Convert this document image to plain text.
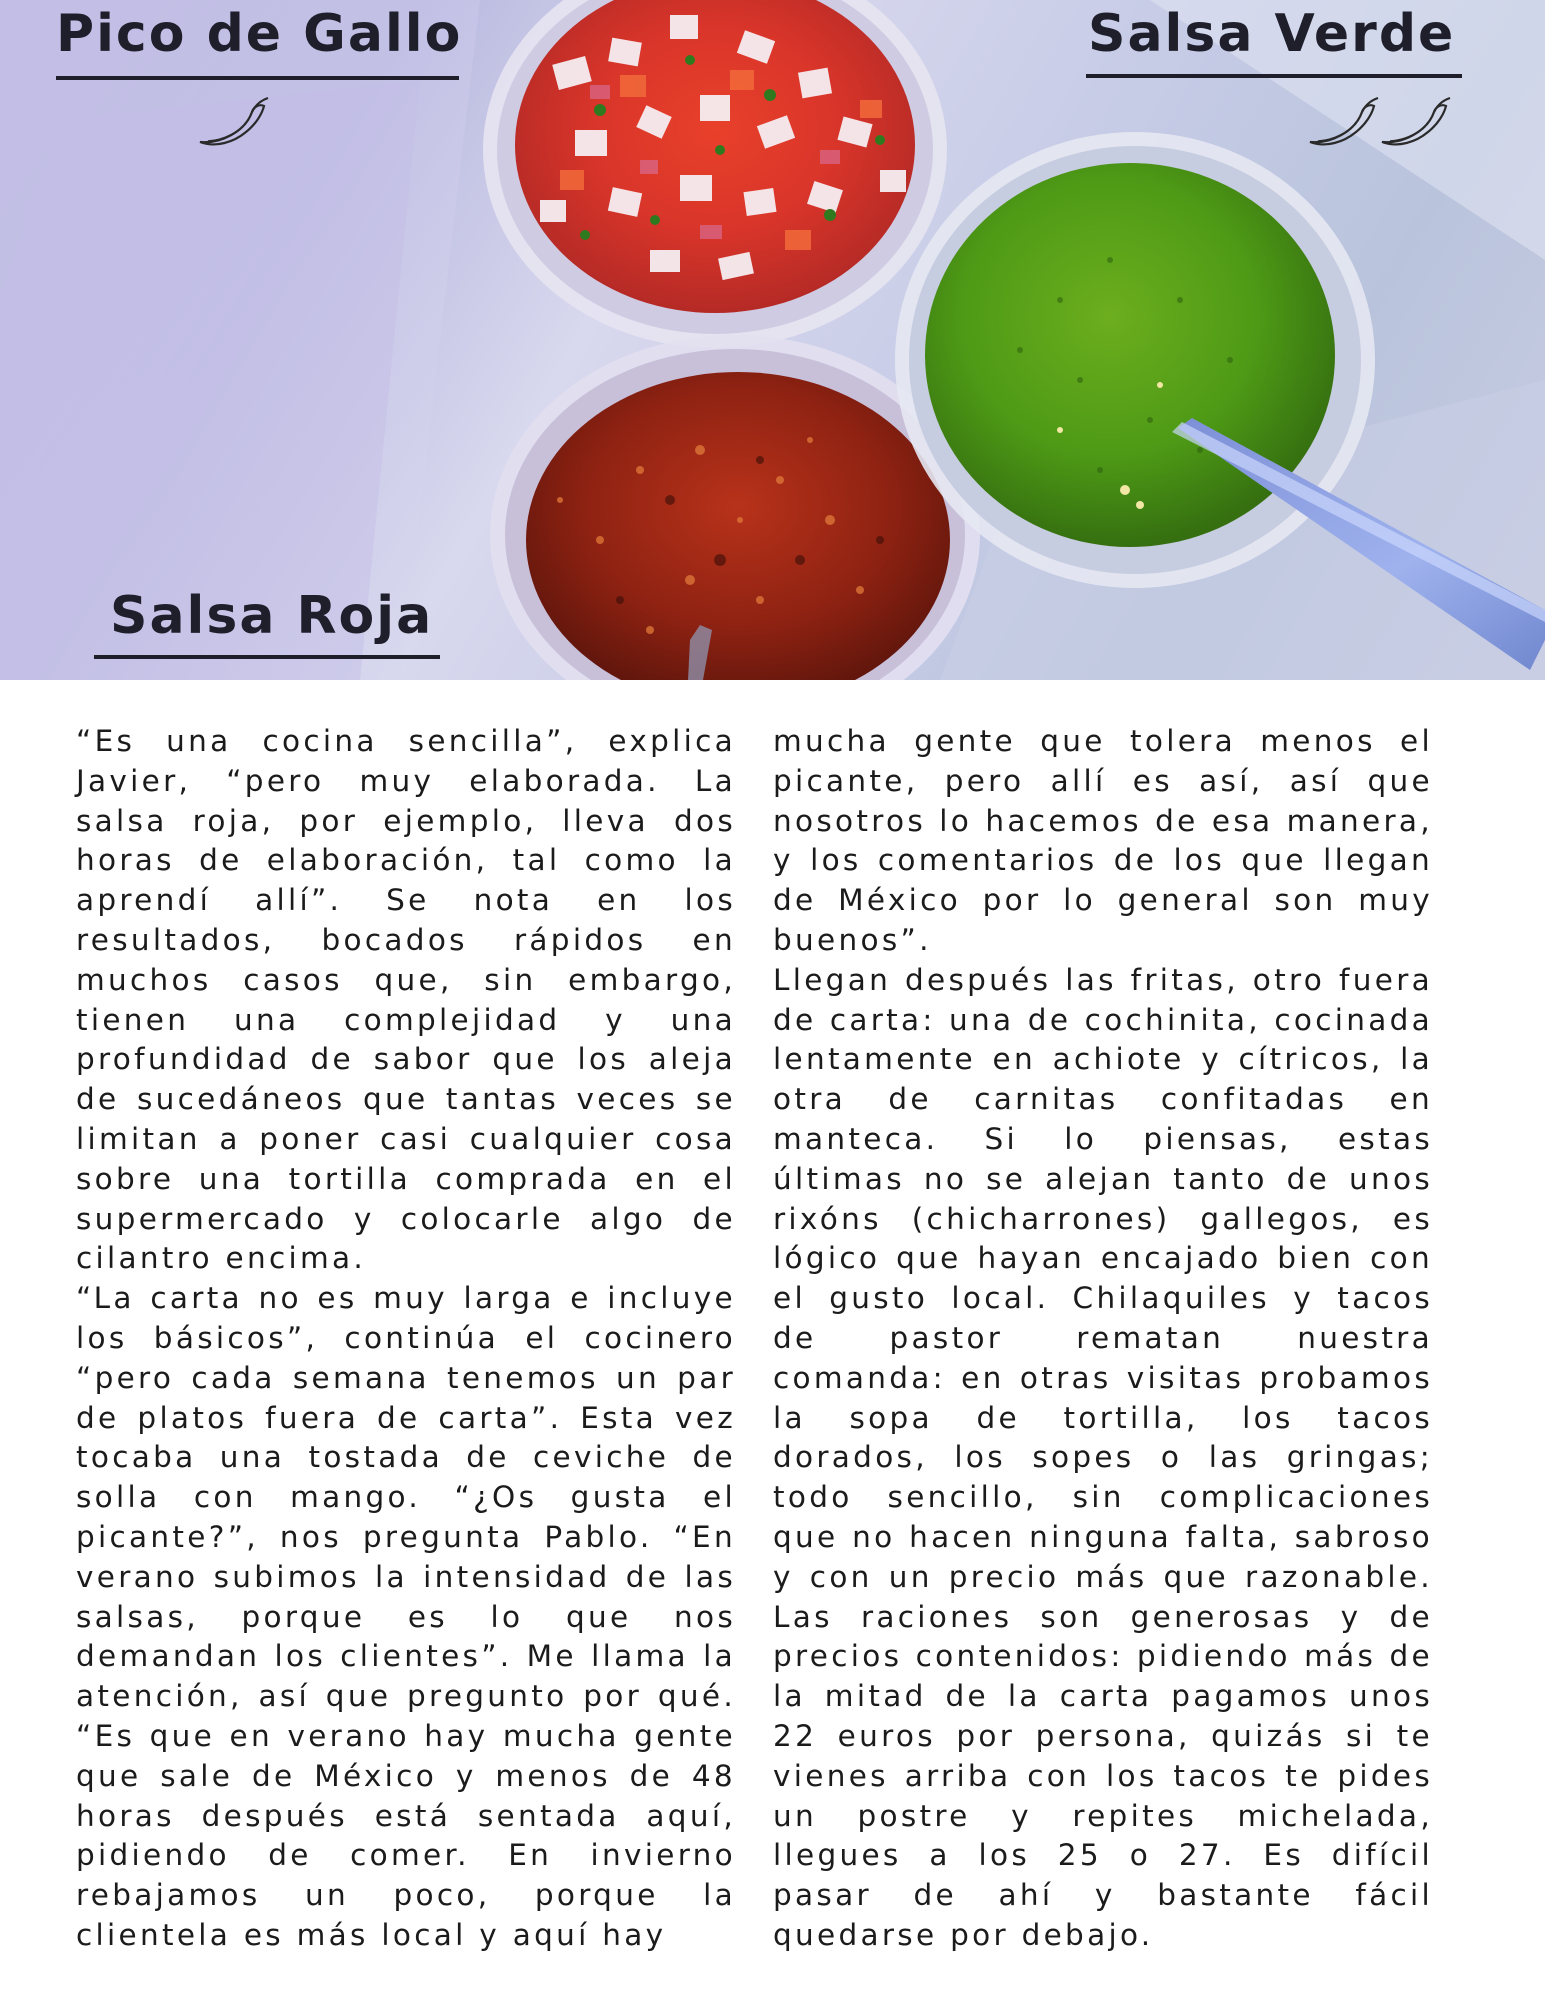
Pico de Gallo	Salsa Verde
Salsa Roja

“Es una cocina sencilla”, explica Javier, “pero muy elaborada. La salsa roja, por ejemplo, lleva dos horas de elaboración, tal como la aprendí allí”. Se nota en los resultados, bocados rápidos en muchos casos que, sin embargo, tienen una complejidad y una profundidad de sabor que los aleja de sucedáneos que tantas veces se limitan a poner casi cualquier cosa sobre una tortilla comprada en el supermercado y colocarle algo de cilantro encima.

“La carta no es muy larga e incluye los básicos”, continúa el cocinero “pero cada semana tenemos un par de platos fuera de carta”. Esta vez tocaba una tostada de ceviche de solla con mango. “¿Os gusta el picante?”, nos pregunta Pablo. “En verano subimos la intensidad de las salsas, porque es lo que nos demandan los clientes”. Me llama la atención, así que pregunto por qué. “Es que en verano hay mucha gente que sale de México y menos de 48 horas después está sentada aquí, pidiendo de comer. En invierno rebajamos un poco, porque la clientela es más local y aquí hay

mucha gente que tolera menos el picante, pero allí es así, así que nosotros lo hacemos de esa manera, y los comentarios de los que llegan de México por lo general son muy buenos”.

Llegan después las fritas, otro fuera de carta: una de cochinita, cocinada lentamente en achiote y cítricos, la otra de carnitas confitadas en manteca. Si lo piensas, estas últimas no se alejan tanto de unos rixóns (chicharrones) gallegos, es lógico que hayan encajado bien con el gusto local. Chilaquiles y tacos de pastor rematan nuestra comanda: en otras visitas probamos la sopa de tortilla, los tacos dorados, los sopes o las gringas; todo sencillo, sin complicaciones que no hacen ninguna falta, sabroso y con un precio más que razonable. Las raciones son generosas y de precios contenidos: pidiendo más de la mitad de la carta pagamos unos 22 euros por persona, quizás si te vienes arriba con los tacos te pides un postre y repites michelada, llegues a los 25 o 27. Es difícil pasar de ahí y bastante fácil quedarse por debajo.
